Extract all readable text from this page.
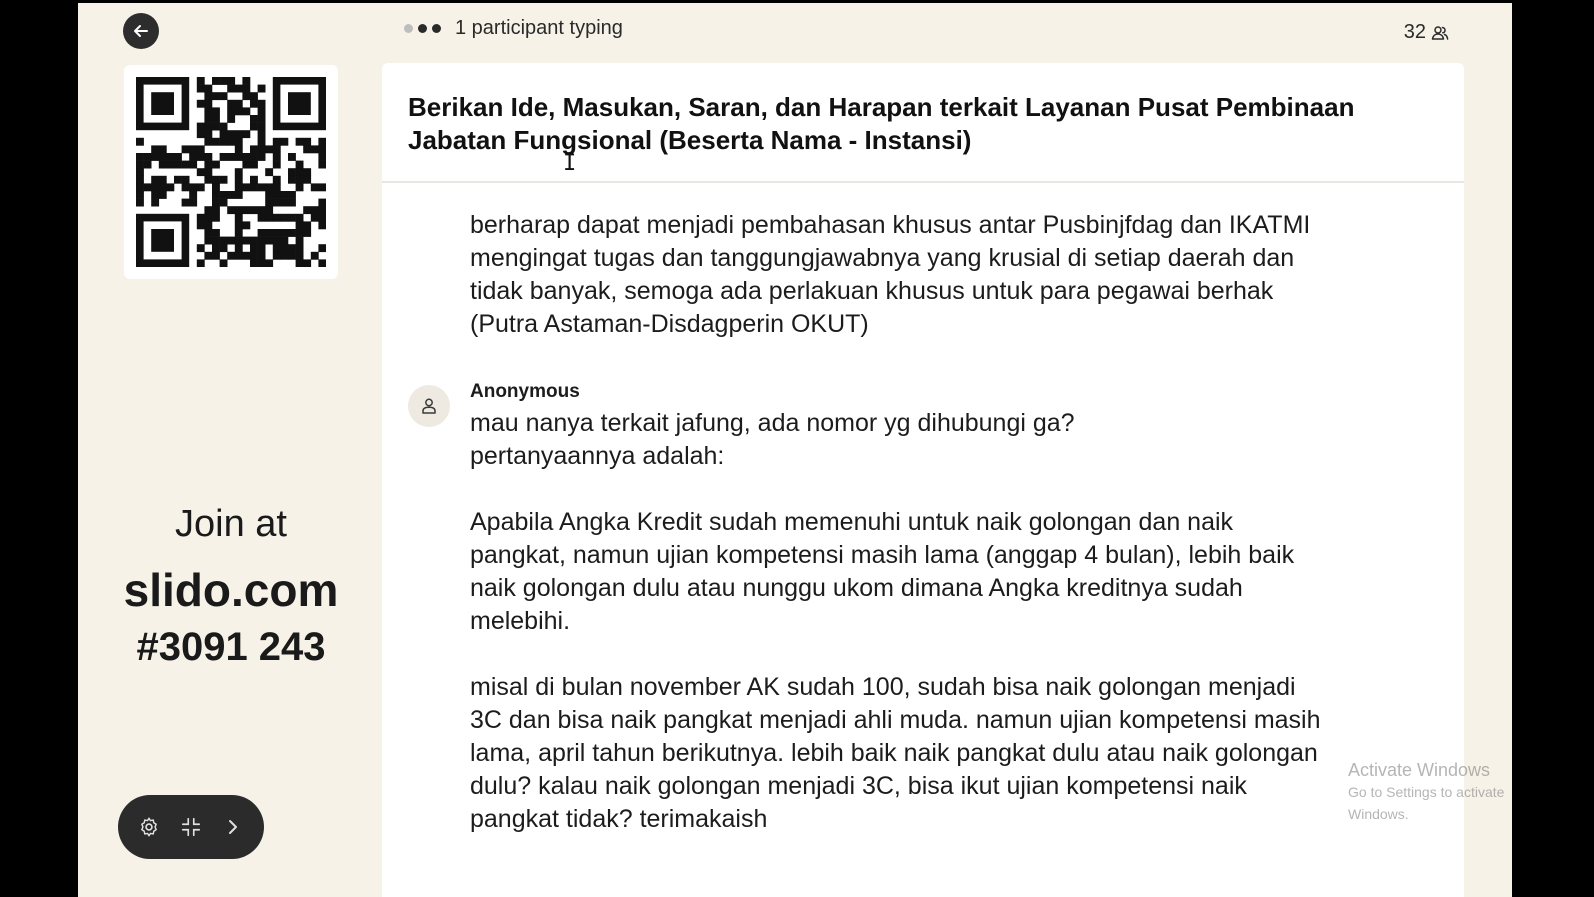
Join at
slido.com
#3091 243
1 participant typing	32
Berikan Ide, Masukan, Saran, dan Harapan terkait Layanan Pusat Pembinaan Jabatan Fungsional (Beserta Nama - Instansi)
I

berharap dapat menjadi pembahasan khusus antar Pusbinjfdag dan IKATMI
mengingat tugas dan tanggungjawabnya yang krusial di setiap daerah dan
tidak banyak, semoga ada perlakuan khusus untuk para pegawai berhak
(Putra Astaman-Disdagperin OKUT)

Anonymous

mau nanya terkait jafung, ada nomor yg dihubungi ga?
pertanyaannya adalah:

Apabila Angka Kredit sudah memenuhi untuk naik golongan dan naik
pangkat, namun ujian kompetensi masih lama (anggap 4 bulan), lebih baik
naik golongan dulu atau nunggu ukom dimana Angka kreditnya sudah
melebihi.

misal di bulan november AK sudah 100, sudah bisa naik golongan menjadi
3C dan bisa naik pangkat menjadi ahli muda. namun ujian kompetensi masih
lama, april tahun berikutnya. lebih baik naik pangkat dulu atau naik golongan
dulu? kalau naik golongan menjadi 3C, bisa ikut ujian kompetensi naik
pangkat tidak? terimakaish

Activate Windows
Go to Settings to activate Windows.
